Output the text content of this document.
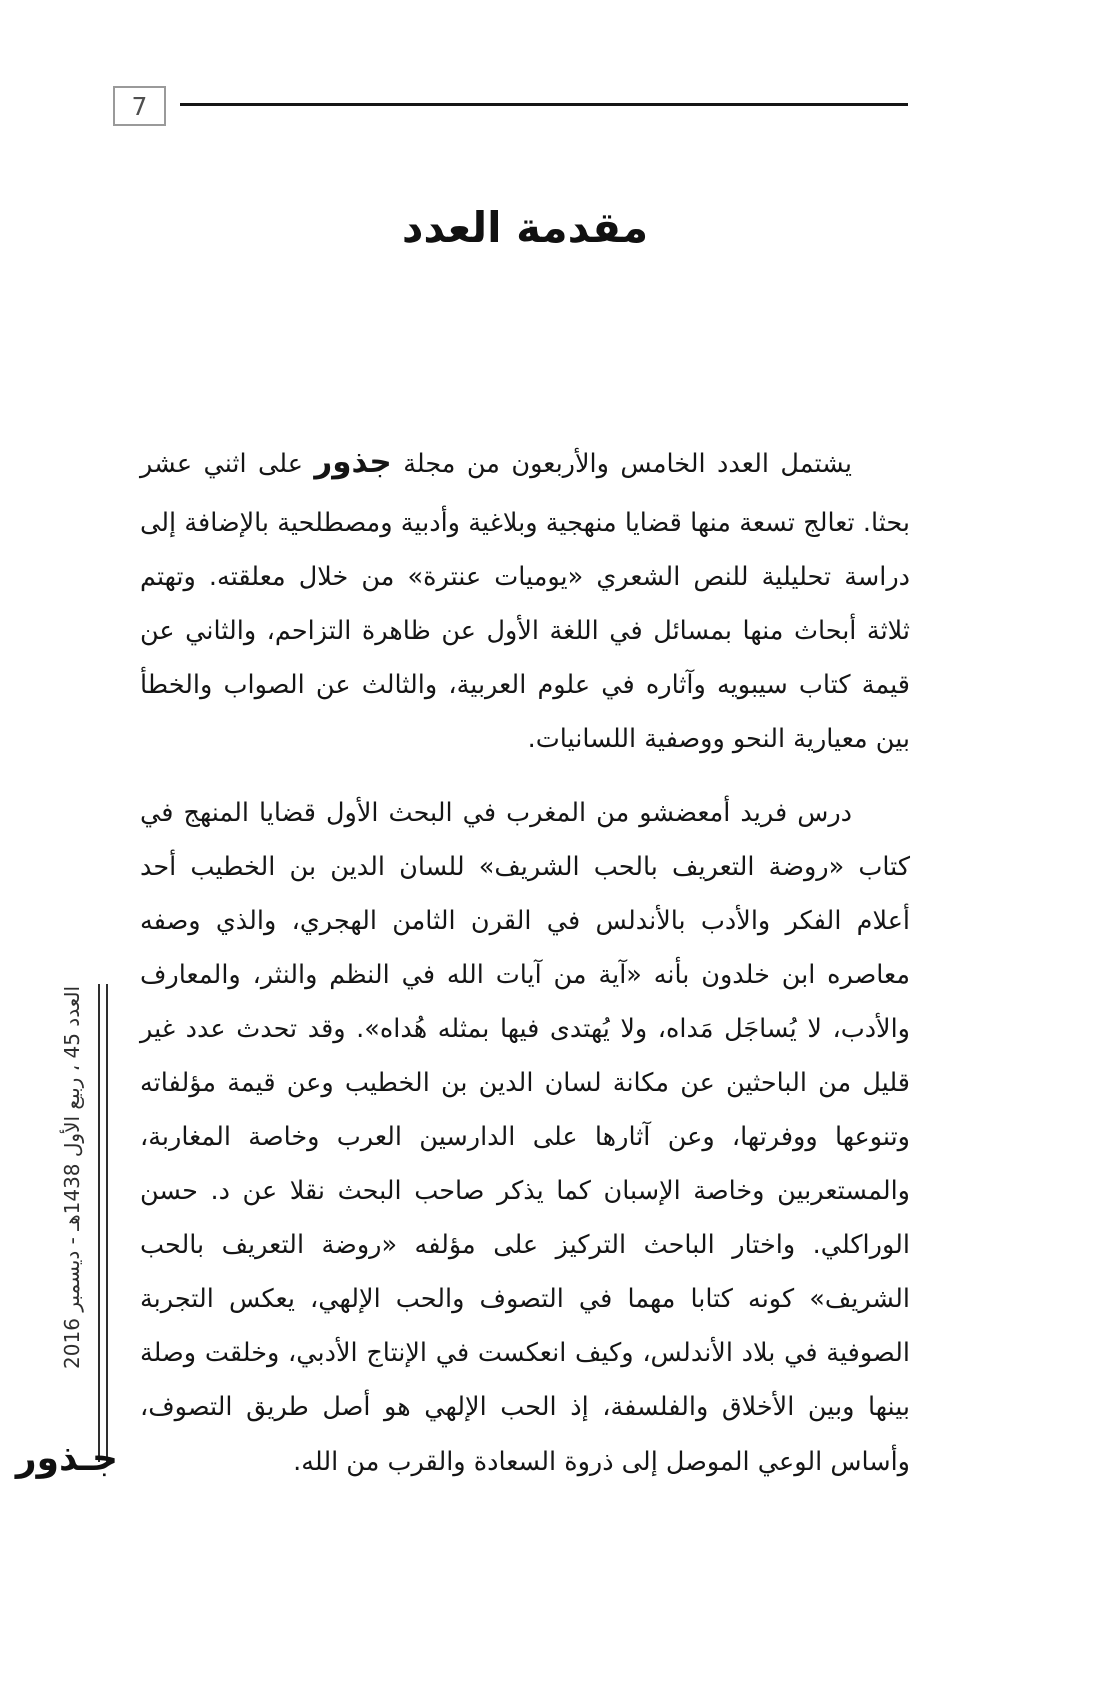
7
مقدمة العدد

يشتمل العدد الخامس والأربعون من مجلة جذور على اثني عشر بحثا. تعالج تسعة منها قضايا منهجية وبلاغية وأدبية ومصطلحية بالإضافة إلى دراسة تحليلية للنص الشعري «يوميات عنترة» من خلال معلقته. وتهتم ثلاثة أبحاث منها بمسائل في اللغة الأول عن ظاهرة التزاحم، والثاني عن قيمة كتاب سيبويه وآثاره في علوم العربية، والثالث عن الصواب والخطأ بين معيارية النحو ووصفية اللسانيات.

درس فريد أمعضشو من المغرب في البحث الأول قضايا المنهج في كتاب «روضة التعريف بالحب الشريف» للسان الدين بن الخطيب أحد أعلام الفكر والأدب بالأندلس في القرن الثامن الهجري، والذي وصفه معاصره ابن خلدون بأنه «آية من آيات الله في النظم والنثر، والمعارف والأدب، لا يُساجَل مَداه، ولا يُهتدى فيها بمثله هُداه». وقد تحدث عدد غير قليل من الباحثين عن مكانة لسان الدين بن الخطيب وعن قيمة مؤلفاته وتنوعها ووفرتها، وعن آثارها على الدارسين العرب وخاصة المغاربة، والمستعربين وخاصة الإسبان كما يذكر صاحب البحث نقلا عن د. حسن الوراكلي. واختار الباحث التركيز على مؤلفه «روضة التعريف بالحب الشريف» كونه كتابا مهما في التصوف والحب الإلهي، يعكس التجربة الصوفية في بلاد الأندلس، وكيف انعكست في الإنتاج الأدبي، وخلقت وصلة بينها وبين الأخلاق والفلسفة، إذ الحب الإلهي هو أصل طريق التصوف، وأساس الوعي الموصل إلى ذروة السعادة والقرب من الله.

العدد 45 ، ربيع الأول 1438هـ - ديسمبر 2016
جـذور
